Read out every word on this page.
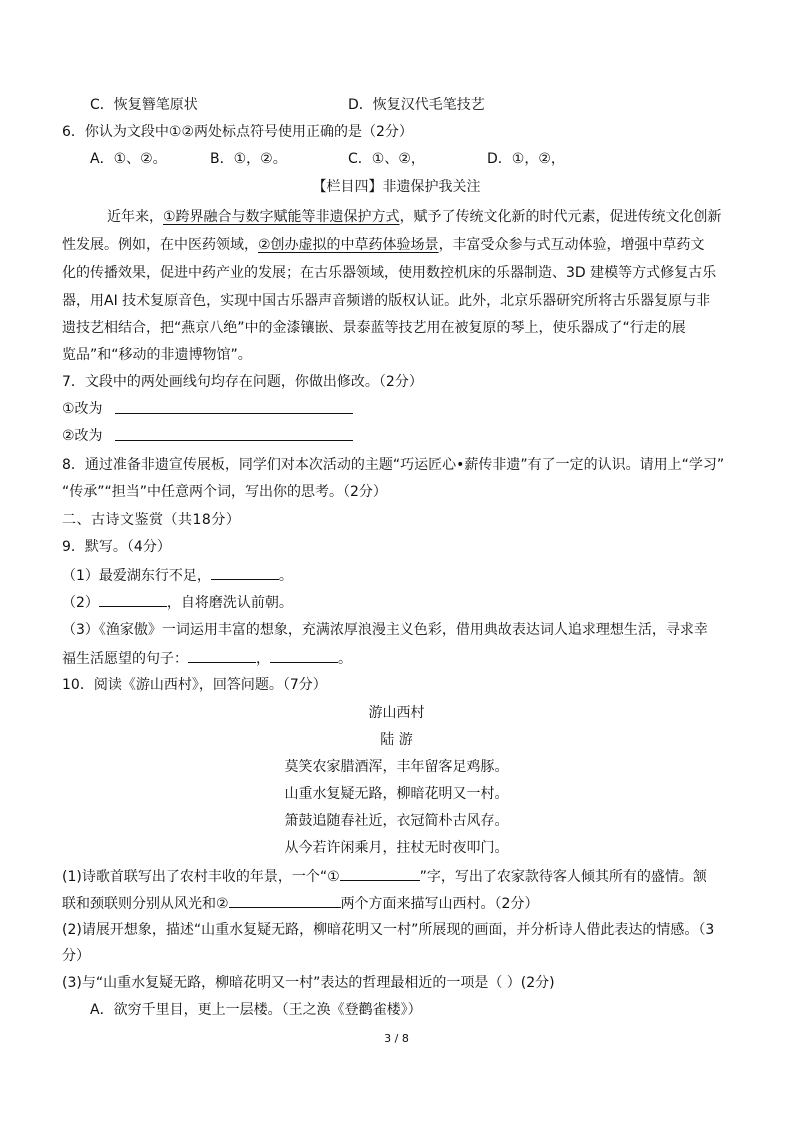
C．恢复簪笔原状	D．恢复汉代毛笔技艺
6．你认为文段中①②两处标点符号使用正确的是（2分）
A．①、②。	B．①，②。	C．①、②，	D．①，②，
【栏目四】非遗保护我关注
近年来，①跨界融合与数字赋能等非遗保护方式，赋予了传统文化新的时代元素，促进传统文化创新
性发展。例如，在中医药领域，②创办虚拟的中草药体验场景，丰富受众参与式互动体验，增强中草药文
化的传播效果，促进中药产业的发展；在古乐器领域，使用数控机床的乐器制造、3D 建模等方式修复古乐
器，用AI 技术复原音色，实现中国古乐器声音频谱的版权认证。此外，北京乐器研究所将古乐器复原与非
遗技艺相结合，把“燕京八绝”中的金漆镶嵌、景泰蓝等技艺用在被复原的琴上，使乐器成了“行走的展
览品”和“移动的非遗博物馆”。
7．文段中的两处画线句均存在问题，你做出修改。（2分）
①改为
②改为
8．通过准备非遗宣传展板，同学们对本次活动的主题“巧运匠心•薪传非遗”有了一定的认识。请用上“学习”
“传承”“担当”中任意两个词，写出你的思考。（2分）
二、古诗文鉴赏（共18分）
9．默写。（4分）
（1）最爱湖东行不足，	。
（2）	，自将磨洗认前朝。
（3）《渔家傲》一词运用丰富的想象，充满浓厚浪漫主义色彩，借用典故表达词人追求理想生活，寻求幸
福生活愿望的句子：	，	。
10．阅读《游山西村》，回答问题。（7分）
游山西村
陆 游
莫笑农家腊酒浑，丰年留客足鸡豚。
山重水复疑无路，柳暗花明又一村。
箫鼓追随春社近，衣冠简朴古风存。
从今若许闲乘月，拄杖无时夜叩门。
(1)诗歌首联写出了农村丰收的年景，一个“①	”字，写出了农家款待客人倾其所有的盛情。颔
联和颈联则分别从风光和②	两个方面来描写山西村。（2分）
(2)请展开想象，描述“山重水复疑无路，柳暗花明又一村”所展现的画面，并分析诗人借此表达的情感。（3
分）
(3)与“山重水复疑无路，柳暗花明又一村”表达的哲理最相近的一项是（ ）(2分)
A．欲穷千里目，更上一层楼。（王之涣《登鹳雀楼》）
3 / 8
